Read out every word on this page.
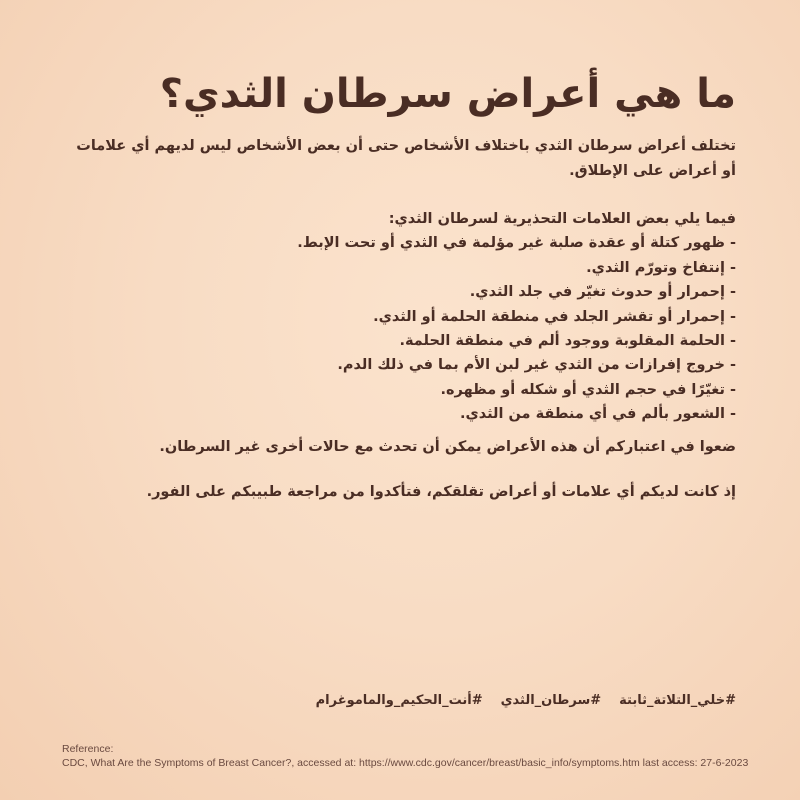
ما هي أعراض سرطان الثدي؟

تختلف أعراض سرطان الثدي باختلاف الأشخاص حتى أن بعض الأشخاص ليس لديهم أي علامات أو أعراض على الإطلاق.

فيما يلي بعض العلامات التحذيرية لسرطان الثدي:
- ظهور كتلة أو عقدة صلبة غير مؤلمة في الثدي أو تحت الإبط.
- إنتفاخ وتورّم الثدي.
- إحمرار أو حدوث تغيّر في جلد الثدي.
- إحمرار أو تقشر الجلد في منطقة الحلمة أو الثدي.
- الحلمة المقلوبة ووجود ألم في منطقة الحلمة.
- خروج إفرازات من الثدي غير لبن الأم بما في ذلك الدم.
- تغيّرًا في حجم الثدي أو شكله أو مظهره.
- الشعور بألم في أي منطقة من الثدي.

ضعوا في اعتباركم أن هذه الأعراض يمكن أن تحدث مع حالات أخرى غير السرطان.

إذ كانت لديكم أي علامات أو أعراض تقلقكم، فتأكدوا من مراجعة طبيبكم على الفور.

#خلي_التلاتة_ثابتة#سرطان_الثدي#أنت_الحكيم_والماموغرام

Reference:
CDC, What Are the Symptoms of Breast Cancer?, accessed at: https://www.cdc.gov/cancer/breast/basic_info/symptoms.htm last access: 27-6-2023
